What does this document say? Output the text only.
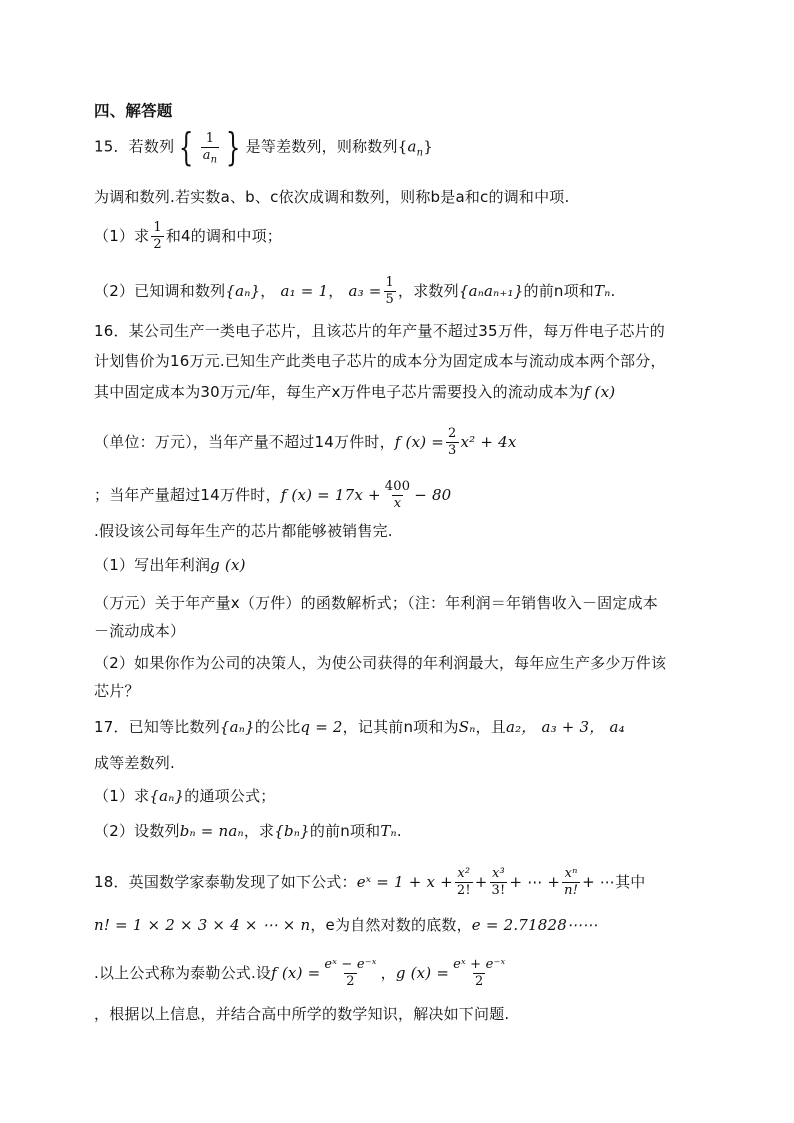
四、解答题
15．若数列 { $\frac{1}{a_n}$ } 是等差数列，则称数列$\{a_n\}$
为调和数列.若实数a、b、c依次成调和数列，则称b是a和c的调和中项.
（1）求 $\frac{1}{2}$ 和4的调和中项；
（2）已知调和数列{aₙ}， a₁ = 1， $a_3 = \frac{1}{5}$ ，求数列{aₙaₙ₊₁}的前n项和Tₙ.
16．某公司生产一类电子芯片，且该芯片的年产量不超过35万件，每万件电子芯片的
计划售价为16万元.已知生产此类电子芯片的成本分为固定成本与流动成本两个部分，
其中固定成本为30万元/年，每生产x万件电子芯片需要投入的流动成本为f (x)
（单位：万元），当年产量不超过14万件时，f $(x) = \frac{2}{3} x^2 + 4x$
；当年产量超过14万件时，f $(x) = 17x + \frac{400}{x} - 80$
.假设该公司每年生产的芯片都能够被销售完.
（1）写出年利润g (x)
（万元）关于年产量x（万件）的函数解析式；（注：年利润＝年销售收入－固定成本
－流动成本）
（2）如果你作为公司的决策人，为使公司获得的年利润最大，每年应生产多少万件该
芯片？
17．已知等比数列{aₙ}的公比q = 2，记其前n项和为Sₙ，且a₂， a₃ + 3， a₄
成等差数列.
（1）求{aₙ}的通项公式；
（2）设数列bₙ = naₙ，求{bₙ}的前n项和Tₙ.
18．英国数学家泰勒发现了如下公式：eˣ = $1 + x + \frac{\text{x²}}{2!} + \frac{\text{x³}}{3!}$ + ⋯ + $\frac{\text{xⁿ}}{n!}$ + ⋯其中
n! = 1 × 2 × 3 × 4 × ⋯ × n，e为自然对数的底数，e = 2.71828⋯⋯
.以上公式称为泰勒公式.设f $(x) = \frac{\text{eˣ − e⁻ˣ}}{2}$ ，g $(x) = \frac{\text{eˣ + e⁻ˣ}}{2}$
，根据以上信息，并结合高中所学的数学知识，解决如下问题.
